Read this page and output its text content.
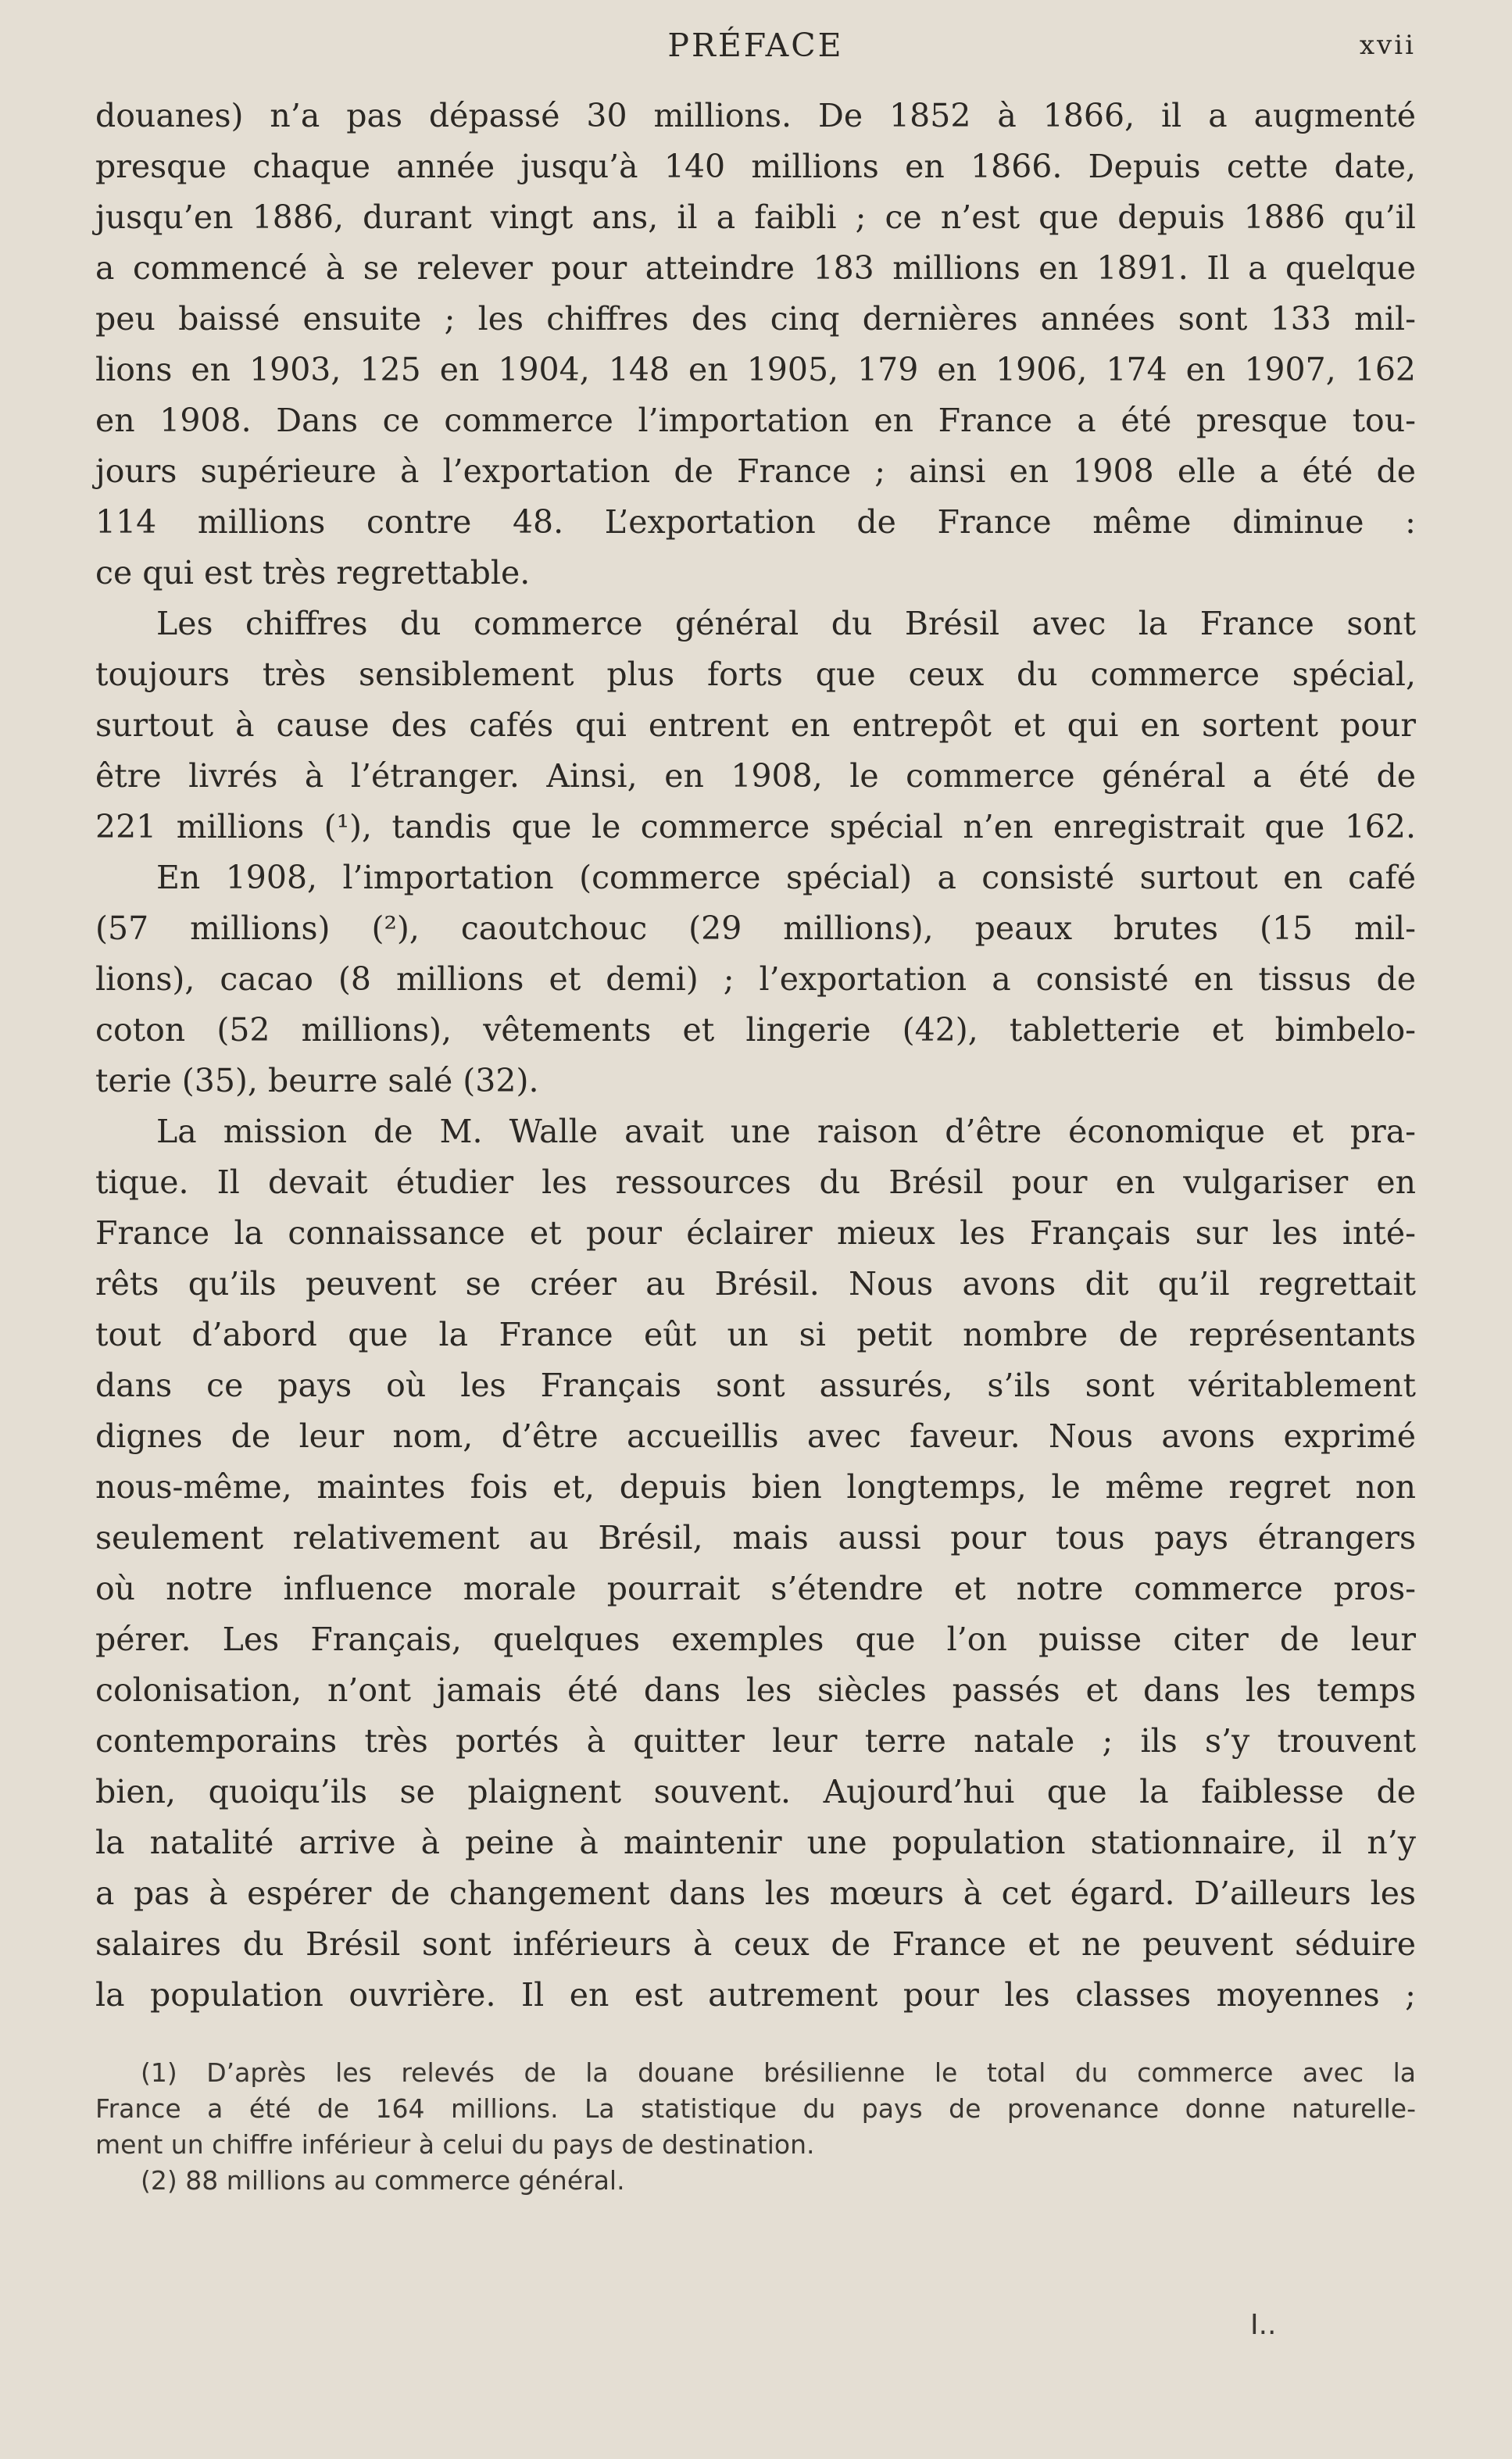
PRÉFACE	xvii
douanes) n’a pas dépassé 30 millions. De 1852 à 1866, il a augmenté
presque chaque année jusqu’à 140 millions en 1866. Depuis cette date,
jusqu’en 1886, durant vingt ans, il a faibli ; ce n’est que depuis 1886 qu’il
a commencé à se relever pour atteindre 183 millions en 1891. Il a quelque
peu baissé ensuite ; les chiffres des cinq dernières années sont 133 mil-
lions en 1903, 125 en 1904, 148 en 1905, 179 en 1906, 174 en 1907, 162
en 1908. Dans ce commerce l’importation en France a été presque tou-
jours supérieure à l’exportation de France ; ainsi en 1908 elle a été de
114 millions contre 48. L’exportation de France même diminue :
ce qui est très regrettable.
Les chiffres du commerce général du Brésil avec la France sont
toujours très sensiblement plus forts que ceux du commerce spécial,
surtout à cause des cafés qui entrent en entrepôt et qui en sortent pour
être livrés à l’étranger. Ainsi, en 1908, le commerce général a été de
221 millions (¹), tandis que le commerce spécial n’en enregistrait que 162.
En 1908, l’importation (commerce spécial) a consisté surtout en café
(57 millions) (²), caoutchouc (29 millions), peaux brutes (15 mil-
lions), cacao (8 millions et demi) ; l’exportation a consisté en tissus de
coton (52 millions), vêtements et lingerie (42), tabletterie et bimbelo-
terie (35), beurre salé (32).
La mission de M. Walle avait une raison d’être économique et pra-
tique. Il devait étudier les ressources du Brésil pour en vulgariser en
France la connaissance et pour éclairer mieux les Français sur les inté-
rêts qu’ils peuvent se créer au Brésil. Nous avons dit qu’il regrettait
tout d’abord que la France eût un si petit nombre de représentants
dans ce pays où les Français sont assurés, s’ils sont véritablement
dignes de leur nom, d’être accueillis avec faveur. Nous avons exprimé
nous-même, maintes fois et, depuis bien longtemps, le même regret non
seulement relativement au Brésil, mais aussi pour tous pays étrangers
où notre influence morale pourrait s’étendre et notre commerce pros-
pérer. Les Français, quelques exemples que l’on puisse citer de leur
colonisation, n’ont jamais été dans les siècles passés et dans les temps
contemporains très portés à quitter leur terre natale ; ils s’y trouvent
bien, quoiqu’ils se plaignent souvent. Aujourd’hui que la faiblesse de
la natalité arrive à peine à maintenir une population stationnaire, il n’y
a pas à espérer de changement dans les mœurs à cet égard. D’ailleurs les
salaires du Brésil sont inférieurs à ceux de France et ne peuvent séduire
la population ouvrière. Il en est autrement pour les classes moyennes ;
(1) D’après les relevés de la douane brésilienne le total du commerce avec la
France a été de 164 millions. La statistique du pays de provenance donne naturelle-
ment un chiffre inférieur à celui du pays de destination.
(2) 88 millions au commerce général.
I..
